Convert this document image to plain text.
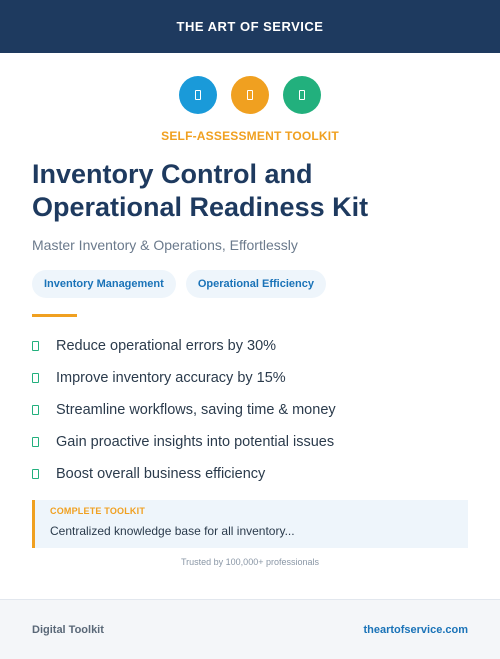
THE ART OF SERVICE
SELF-ASSESSMENT TOOLKIT
Inventory Control and
Operational Readiness Kit
Master Inventory & Operations, Effortlessly
Inventory Management	Operational Efficiency
Reduce operational errors by 30%
Improve inventory accuracy by 15%
Streamline workflows, saving time & money
Gain proactive insights into potential issues
Boost overall business efficiency
COMPLETE TOOLKIT
Centralized knowledge base for all inventory...
Trusted by 100,000+ professionals
Digital Toolkit	theartofservice.com
